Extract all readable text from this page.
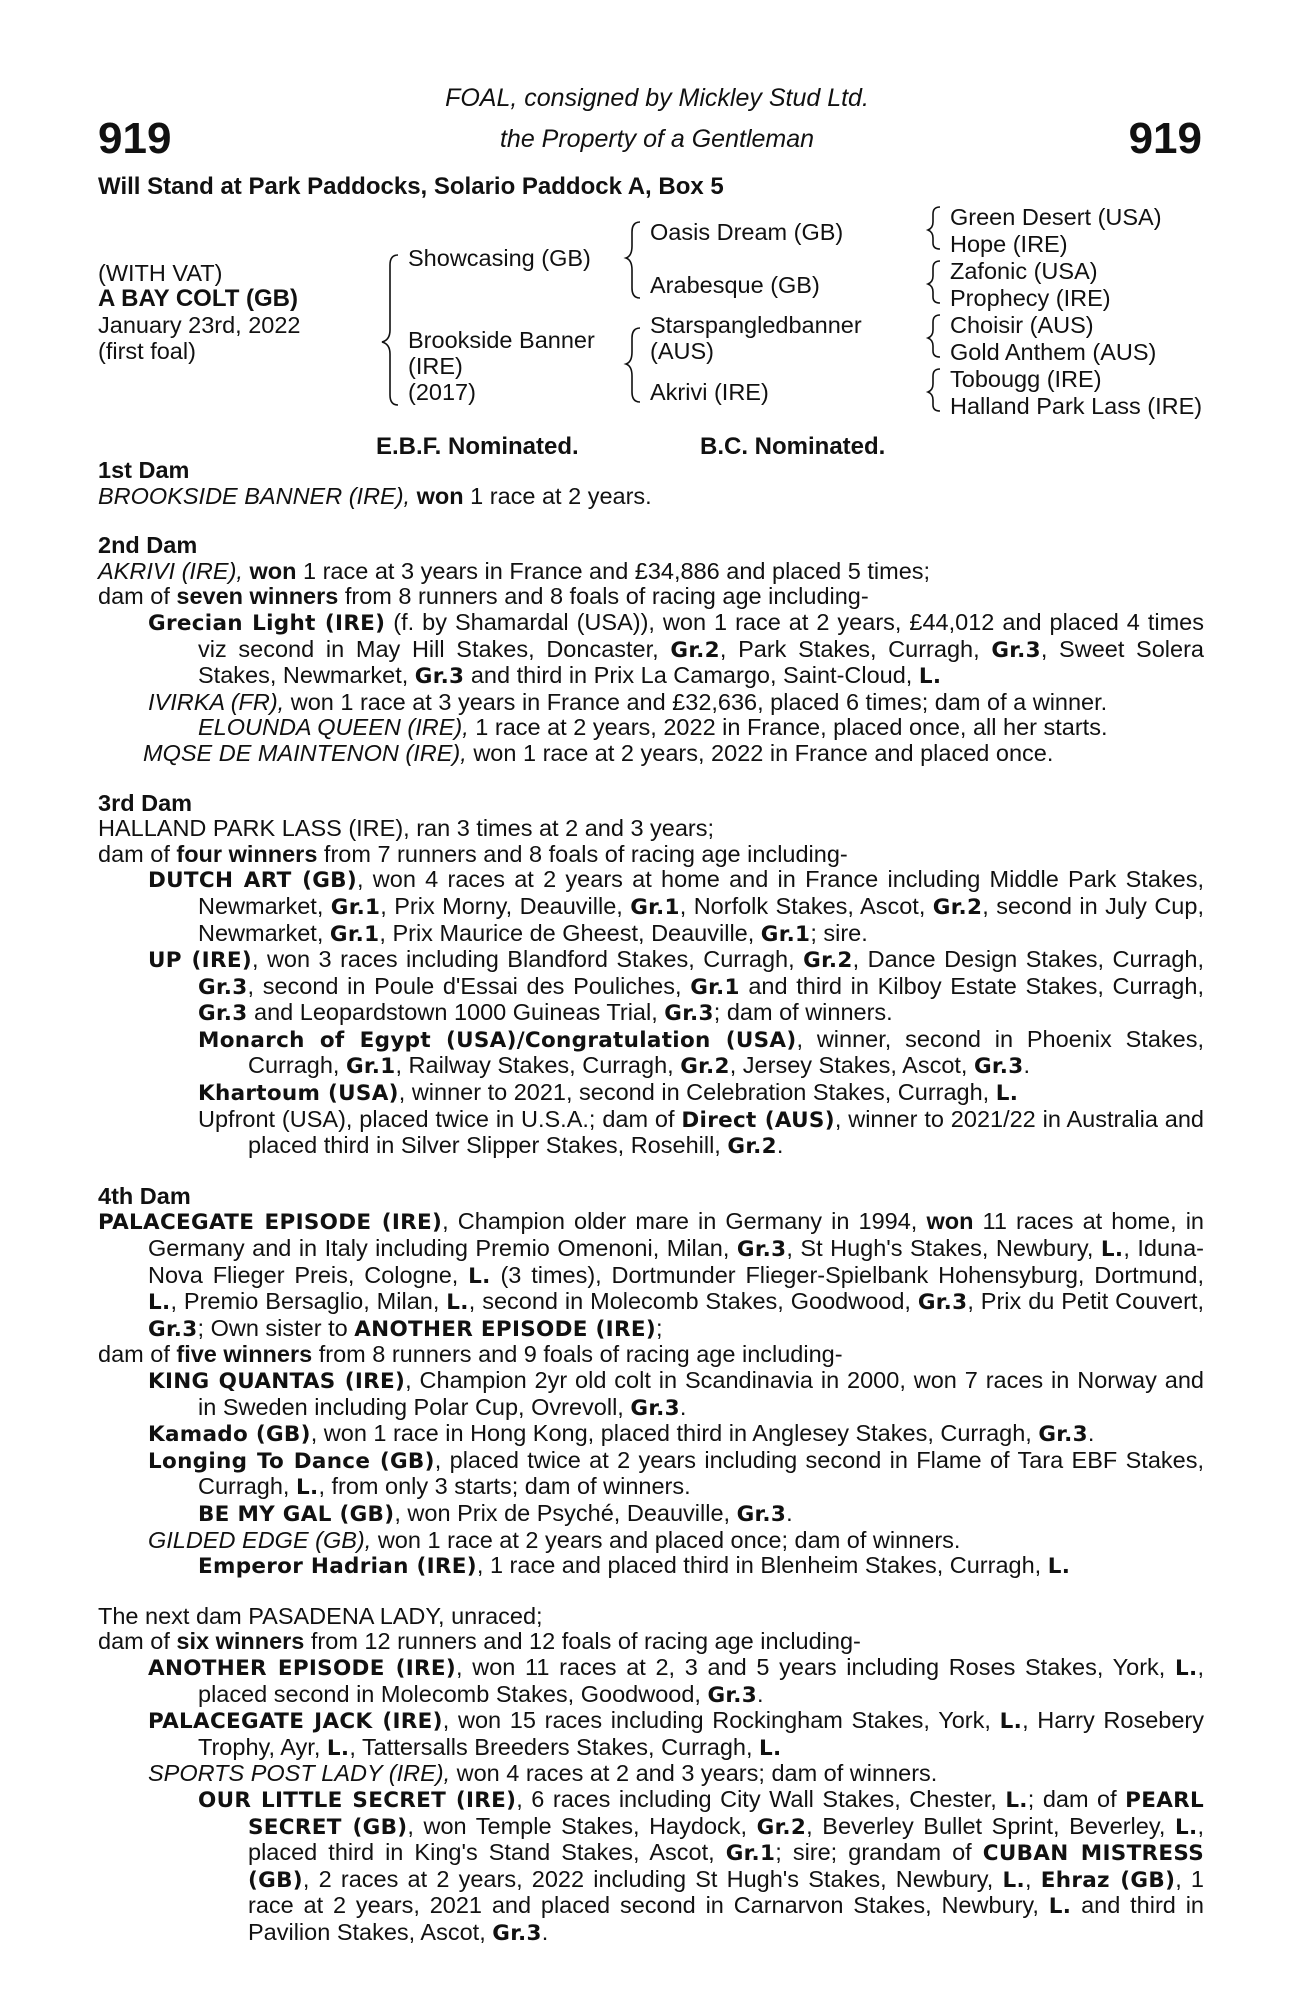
919	919
FOAL, consigned by Mickley Stud Ltd.
the Property of a Gentleman
Will Stand at Park Paddocks, Solario Paddock A, Box 5
(WITH VAT)
A BAY COLT (GB)
January 23rd, 2022
(first foal)
Showcasing (GB)
Brookside Banner
(IRE)
(2017)
Oasis Dream (GB)
Arabesque (GB)
Starspangledbanner
(AUS)
Akrivi (IRE)
Green Desert (USA)
Hope (IRE)
Zafonic (USA)
Prophecy (IRE)
Choisir (AUS)
Gold Anthem (AUS)
Tobougg (IRE)
Halland Park Lass (IRE)
E.B.F. Nominated.	B.C. Nominated.
1st Dam
BROOKSIDE BANNER (IRE), won 1 race at 2 years.
2nd Dam
AKRIVI (IRE), won 1 race at 3 years in France and £34,886 and placed 5 times;
dam of seven winners from 8 runners and 8 foals of racing age including-
Grecian Light (IRE) (f. by Shamardal (USA)), won 1 race at 2 years, £44,012 and placed 4 times viz second in May Hill Stakes, Doncaster, Gr.2, Park Stakes, Curragh, Gr.3, Sweet Solera Stakes, Newmarket, Gr.3 and third in Prix La Camargo, Saint-Cloud, L.
IVIRKA (FR), won 1 race at 3 years in France and £32,636, placed 6 times; dam of a winner.
ELOUNDA QUEEN (IRE), 1 race at 2 years, 2022 in France, placed once, all her starts.
MQSE DE MAINTENON (IRE), won 1 race at 2 years, 2022 in France and placed once.
3rd Dam
HALLAND PARK LASS (IRE), ran 3 times at 2 and 3 years;
dam of four winners from 7 runners and 8 foals of racing age including-
DUTCH ART (GB), won 4 races at 2 years at home and in France including Middle Park Stakes, Newmarket, Gr.1, Prix Morny, Deauville, Gr.1, Norfolk Stakes, Ascot, Gr.2, second in July Cup, Newmarket, Gr.1, Prix Maurice de Gheest, Deauville, Gr.1; sire.
UP (IRE), won 3 races including Blandford Stakes, Curragh, Gr.2, Dance Design Stakes, Curragh, Gr.3, second in Poule d'Essai des Pouliches, Gr.1 and third in Kilboy Estate Stakes, Curragh, Gr.3 and Leopardstown 1000 Guineas Trial, Gr.3; dam of winners.
Monarch of Egypt (USA)/Congratulation (USA), winner, second in Phoenix Stakes, Curragh, Gr.1, Railway Stakes, Curragh, Gr.2, Jersey Stakes, Ascot, Gr.3.
Khartoum (USA), winner to 2021, second in Celebration Stakes, Curragh, L.
Upfront (USA), placed twice in U.S.A.; dam of Direct (AUS), winner to 2021/22 in Australia and placed third in Silver Slipper Stakes, Rosehill, Gr.2.
4th Dam
PALACEGATE EPISODE (IRE), Champion older mare in Germany in 1994, won 11 races at home, in Germany and in Italy including Premio Omenoni, Milan, Gr.3, St Hugh's Stakes, Newbury, L., Iduna-Nova Flieger Preis, Cologne, L. (3 times), Dortmunder Flieger-Spielbank Hohensyburg, Dortmund, L., Premio Bersaglio, Milan, L., second in Molecomb Stakes, Goodwood, Gr.3, Prix du Petit Couvert, Gr.3; Own sister to ANOTHER EPISODE (IRE);
dam of five winners from 8 runners and 9 foals of racing age including-
KING QUANTAS (IRE), Champion 2yr old colt in Scandinavia in 2000, won 7 races in Norway and in Sweden including Polar Cup, Ovrevoll, Gr.3.
Kamado (GB), won 1 race in Hong Kong, placed third in Anglesey Stakes, Curragh, Gr.3.
Longing To Dance (GB), placed twice at 2 years including second in Flame of Tara EBF Stakes, Curragh, L., from only 3 starts; dam of winners.
BE MY GAL (GB), won Prix de Psyché, Deauville, Gr.3.
GILDED EDGE (GB), won 1 race at 2 years and placed once; dam of winners.
Emperor Hadrian (IRE), 1 race and placed third in Blenheim Stakes, Curragh, L.
The next dam PASADENA LADY, unraced;
dam of six winners from 12 runners and 12 foals of racing age including-
ANOTHER EPISODE (IRE), won 11 races at 2, 3 and 5 years including Roses Stakes, York, L., placed second in Molecomb Stakes, Goodwood, Gr.3.
PALACEGATE JACK (IRE), won 15 races including Rockingham Stakes, York, L., Harry Rosebery Trophy, Ayr, L., Tattersalls Breeders Stakes, Curragh, L.
SPORTS POST LADY (IRE), won 4 races at 2 and 3 years; dam of winners.
OUR LITTLE SECRET (IRE), 6 races including City Wall Stakes, Chester, L.; dam of PEARL SECRET (GB), won Temple Stakes, Haydock, Gr.2, Beverley Bullet Sprint, Beverley, L., placed third in King's Stand Stakes, Ascot, Gr.1; sire; grandam of CUBAN MISTRESS (GB), 2 races at 2 years, 2022 including St Hugh's Stakes, Newbury, L., Ehraz (GB), 1 race at 2 years, 2021 and placed second in Carnarvon Stakes, Newbury, L. and third in Pavilion Stakes, Ascot, Gr.3.
